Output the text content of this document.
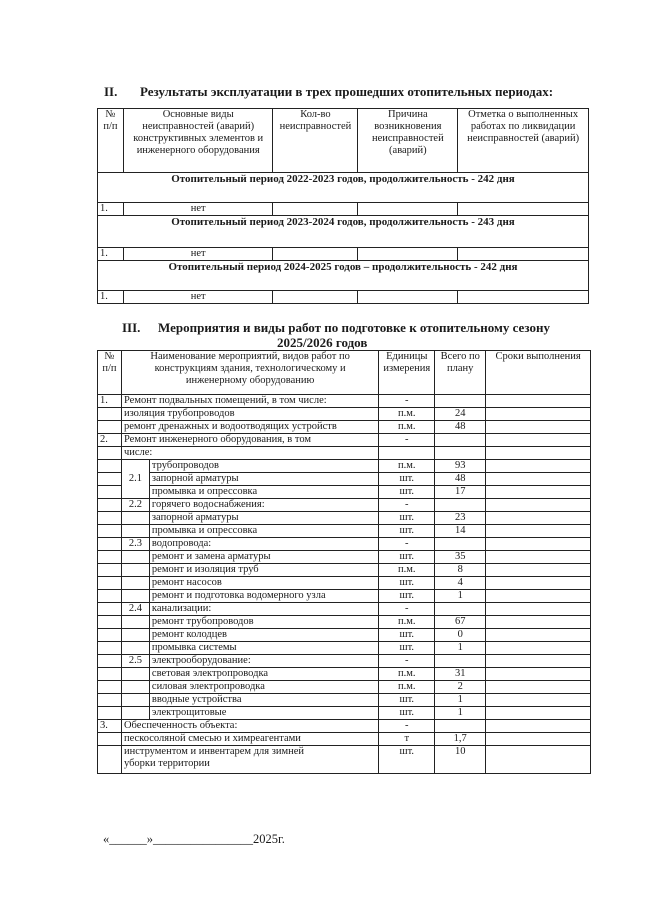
II. Результаты эксплуатации в трех прошедших отопительных периодах:
№ п/п	Основные виды неисправностей (аварий) конструктивных элементов и инженерного оборудования	Кол-во неисправностей	Причина возникновения неисправностей (аварий)	Отметка о выполненных работах по ликвидации неисправностей (аварий)
Отопительный период 2022-2023 годов, продолжительность - 242 дня				
1.	нет			
Отопительный период 2023-2024 годов, продолжительность - 243 дня				
1.	нет			
Отопительный период 2024-2025 годов – продолжительность - 242 дня				
1.	нет			
III. Мероприятия и виды работ по подготовке к отопительному сезону
2025/2026 годов
№ п/п	Наименование мероприятий, видов работ по конструкциям здания, технологическому и инженерному оборудованию		Единицы измерения	Всего по плану	Сроки выполнения
1.	Ремонт подвальных помещений, в том числе:		-		
	изоляция трубопроводов		п.м.	24	
	ремонт дренажных и водоотводящих устройств		п.м.	48	
2.	Ремонт инженерного оборудования, в том		-		
	числе:				
	2.1	трубопроводов	п.м.	93	
		запорной арматуры	шт.	48	
		промывка и опрессовка	шт.	17	
	2.2	горячего водоснабжения:	-		
		запорной арматуры	шт.	23	
		промывка и опрессовка	шт.	14	
	2.3	водопровода:	-		
		ремонт и замена арматуры	шт.	35	
		ремонт и изоляция труб	п.м.	8	
		ремонт насосов	шт.	4	
		ремонт и подготовка водомерного узла	шт.	1	
	2.4	канализации:	-		
		ремонт трубопроводов	п.м.	67	
		ремонт колодцев	шт.	0	
		промывка системы	шт.	1	
	2.5	электрооборудование:	-		
		световая электропроводка	п.м.	31	
		силовая электропроводка	п.м.	2	
		вводные устройства	шт.	1	
		электрощитовые	шт.	1	
3.	Обеспеченность объекта:		-		
	пескосоляной смесью и химреагентами		т	1,7	
	инструментом и инвентарем для зимней
уборки территории		шт.	10	
«______»________________2025г.
